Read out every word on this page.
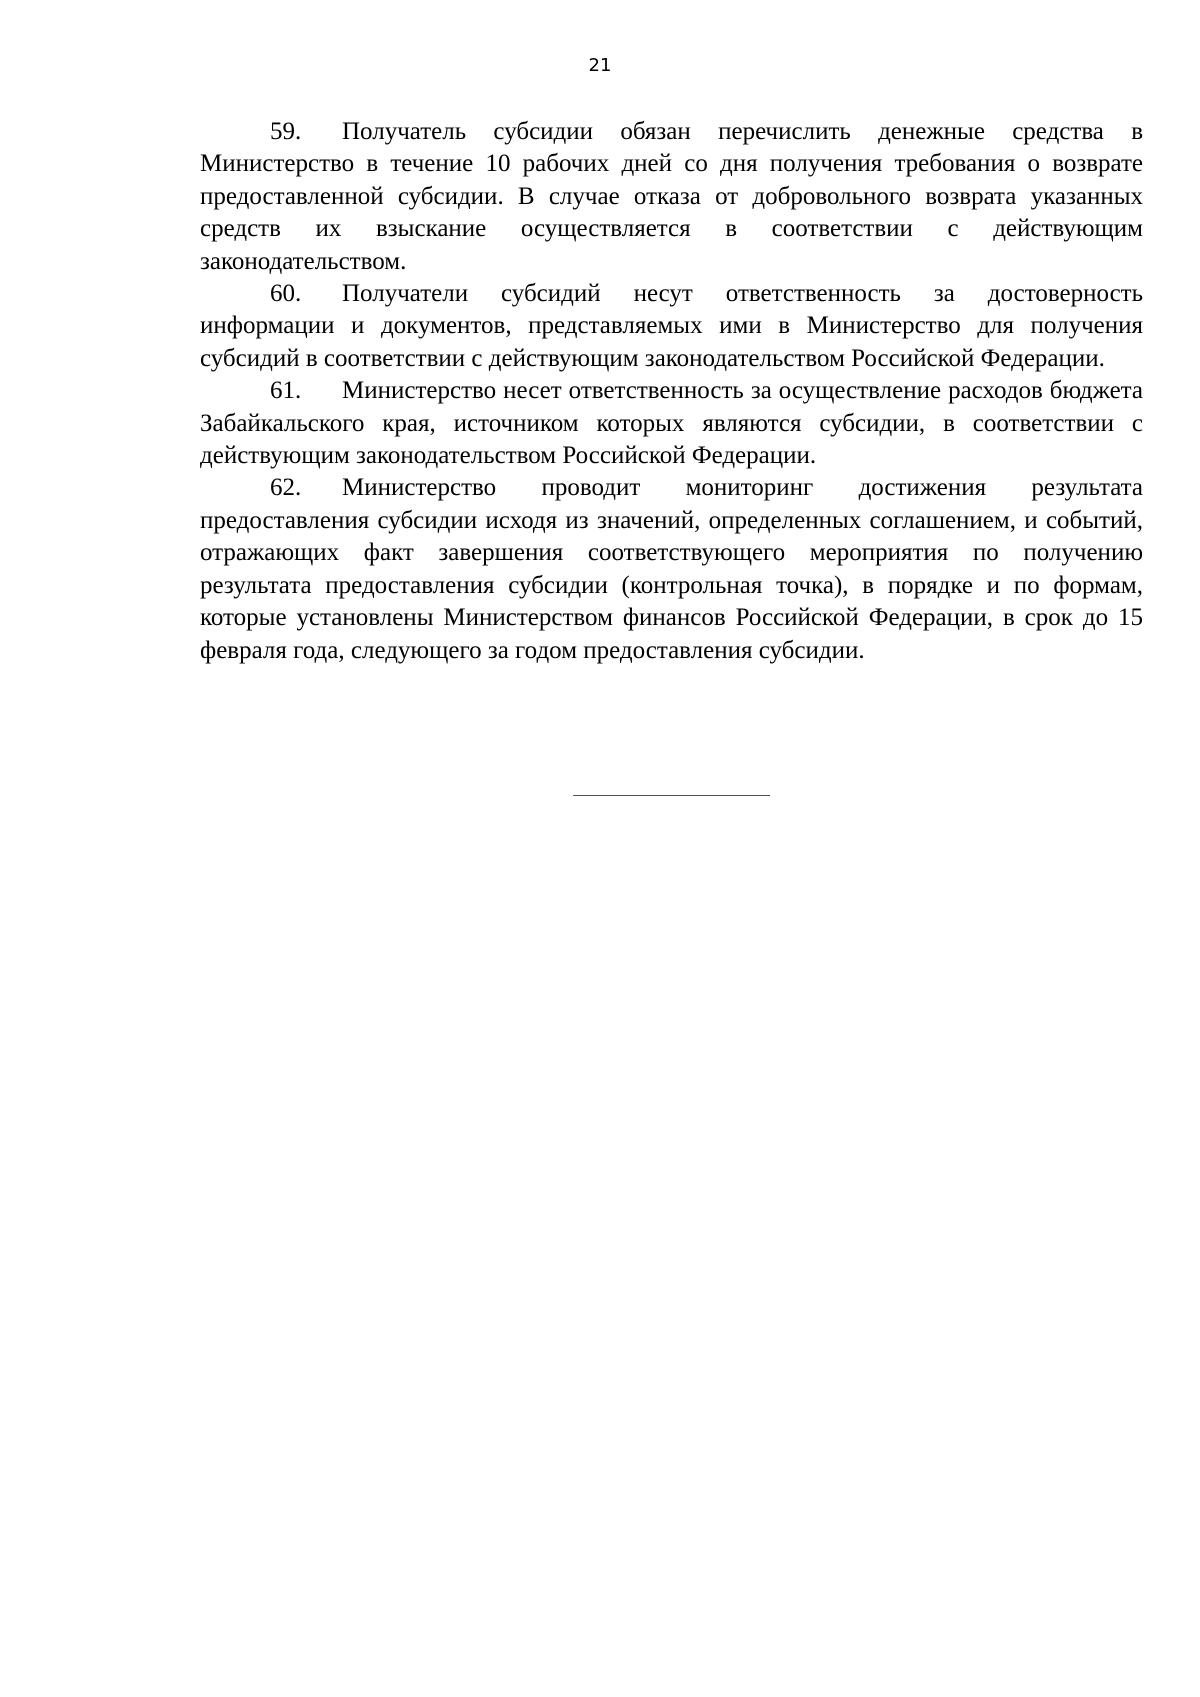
21

59. Получатель субсидии обязан перечислить денежные средства в Министерство в течение 10 рабочих дней со дня получения требования о возврате предоставленной субсидии. В случае отказа от добровольного возврата указанных средств их взыскание осуществляется в соответствии с действующим законодательством.

60. Получатели субсидий несут ответственность за достоверность информации и документов, представляемых ими в Министерство для получения субсидий в соответствии с действующим законодательством Российской Федерации.

61. Министерство несет ответственность за осуществление расходов бюджета Забайкальского края, источником которых являются субсидии, в соответствии с действующим законодательством Российской Федерации.

62. Министерство проводит мониторинг достижения результата предоставления субсидии исходя из значений, определенных соглашением, и событий, отражающих факт завершения соответствующего мероприятия по получению результата предоставления субсидии (контрольная точка), в порядке и по формам, которые установлены Министерством финансов Российской Федерации, в срок до 15 февраля года, следующего за годом предоставления субсидии.
